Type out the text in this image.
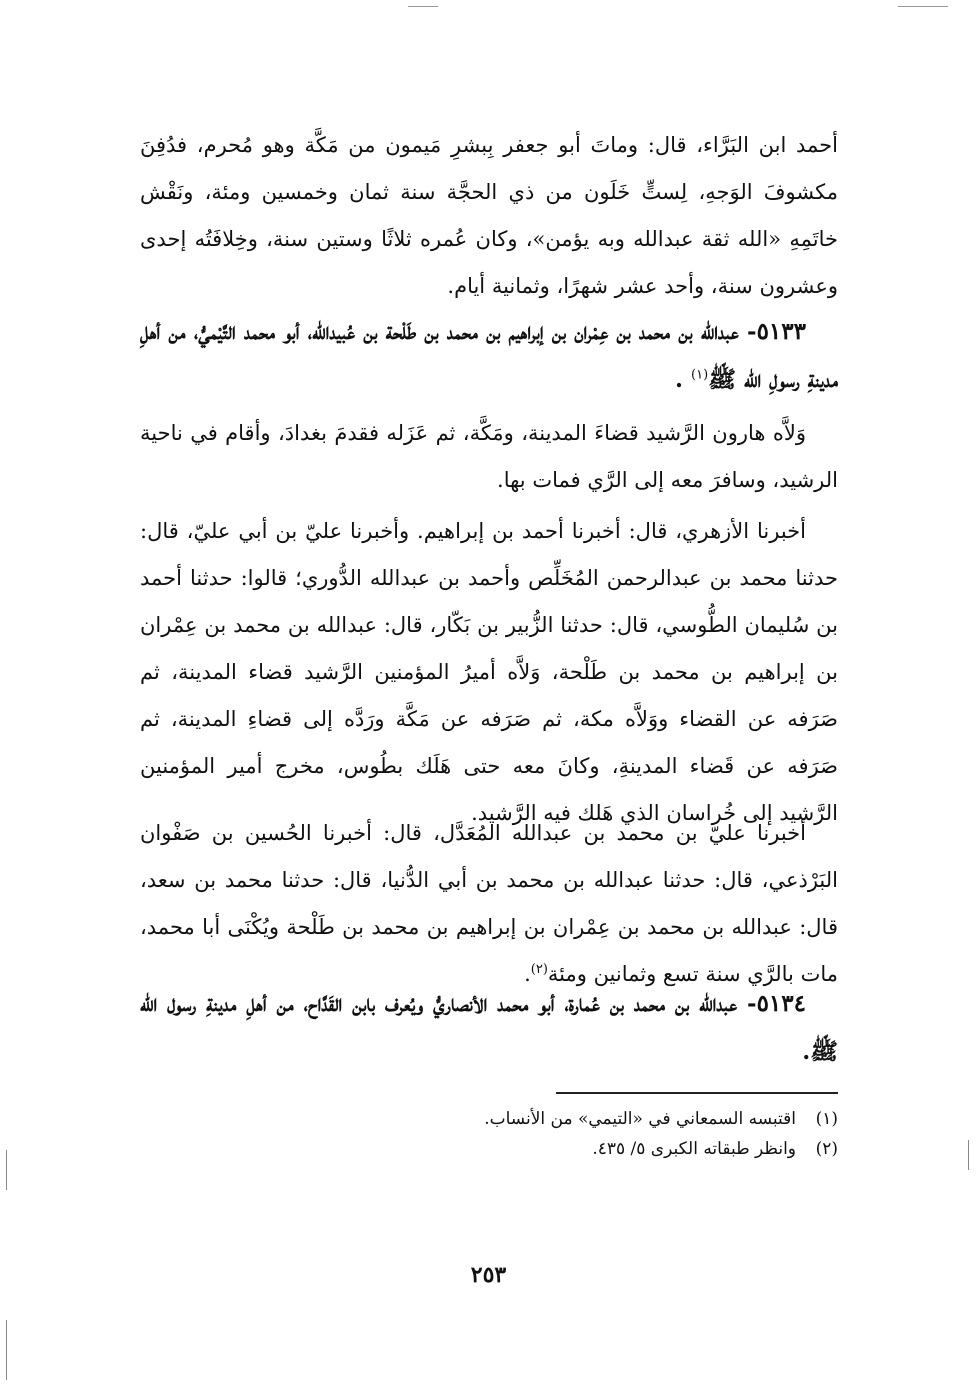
أحمد ابن البَرَّاء، قال: وماتَ أبو جعفر بِبشرِ مَيمون من مَكَّة وهو مُحرم، فدُفِنَ مكشوفَ الوَجهِ، لِستٍّ خَلَون من ذي الحجَّة سنة ثمان وخمسين ومئة، ونَقْش خاتَمِهِ «الله ثقة عبدالله وبه يؤمن»، وكان عُمره ثلاثًا وستين سنة، وخِلافَتُه إحدى وعشرون سنة، وأحد عشر شهرًا، وثمانية أيام.

٥١٣٣- عبدالله بن محمد بن عِمْران بن إبراهيم بن محمد بن طَلْحة بن عُبيدالله، أبو محمد التَّيْميُّ، من أهلِ مدينةِ رسولِ الله ﷺ$^{(١)}$ .

وَلاَّه هارون الرَّشيد قضاءَ المدينة، ومَكَّة، ثم عَزَله فقدمَ بغدادَ، وأقام في ناحية الرشيد، وسافرَ معه إلى الرَّي فمات بها.

أخبرنا الأزهري، قال: أخبرنا أحمد بن إبراهيم. وأخبرنا عليّ بن أبي عليّ، قال: حدثنا محمد بن عبدالرحمن المُخَلِّص وأحمد بن عبدالله الدُّوري؛ قالوا: حدثنا أحمد بن سُليمان الطُّوسي، قال: حدثنا الزُّبير بن بَكّار، قال: عبدالله بن محمد بن عِمْران بن إبراهيم بن محمد بن طَلْحة، وَلاَّه أميرُ المؤمنين الرَّشيد قضاء المدينة، ثم صَرَفه عن القضاء ووَلاَّه مكة، ثم صَرَفه عن مَكَّة ورَدَّه إلى قضاءِ المدينة، ثم صَرَفه عن قَضاء المدينةِ، وكانَ معه حتى هَلَك بطُوس، مخرج أمير المؤمنين الرَّشيد إلى خُراسان الذي هَلك فيه الرَّشيد.

أخبرنا عليّ بن محمد بن عبدالله المُعَدَّل، قال: أخبرنا الحُسين بن صَفْوان البَرْذعي، قال: حدثنا عبدالله بن محمد بن أبي الدُّنيا، قال: حدثنا محمد بن سعد، قال: عبدالله بن محمد بن عِمْران بن إبراهيم بن محمد بن طَلْحة ويُكْنَى أبا محمد، مات بالرَّي سنة تسع وثمانين ومئة$^{(٢)}$.

٥١٣٤- عبدالله بن محمد بن عُمارة، أبو محمد الأنصاريُّ ويُعرف بابن القَدَّاح، من أهلِ مدينةِ رسول الله ﷺ.

(١)اقتبسه السمعاني في «التيمي» من الأنساب.

(٢)وانظر طبقاته الكبرى ٥/ ٤٣٥.

٢٥٣
